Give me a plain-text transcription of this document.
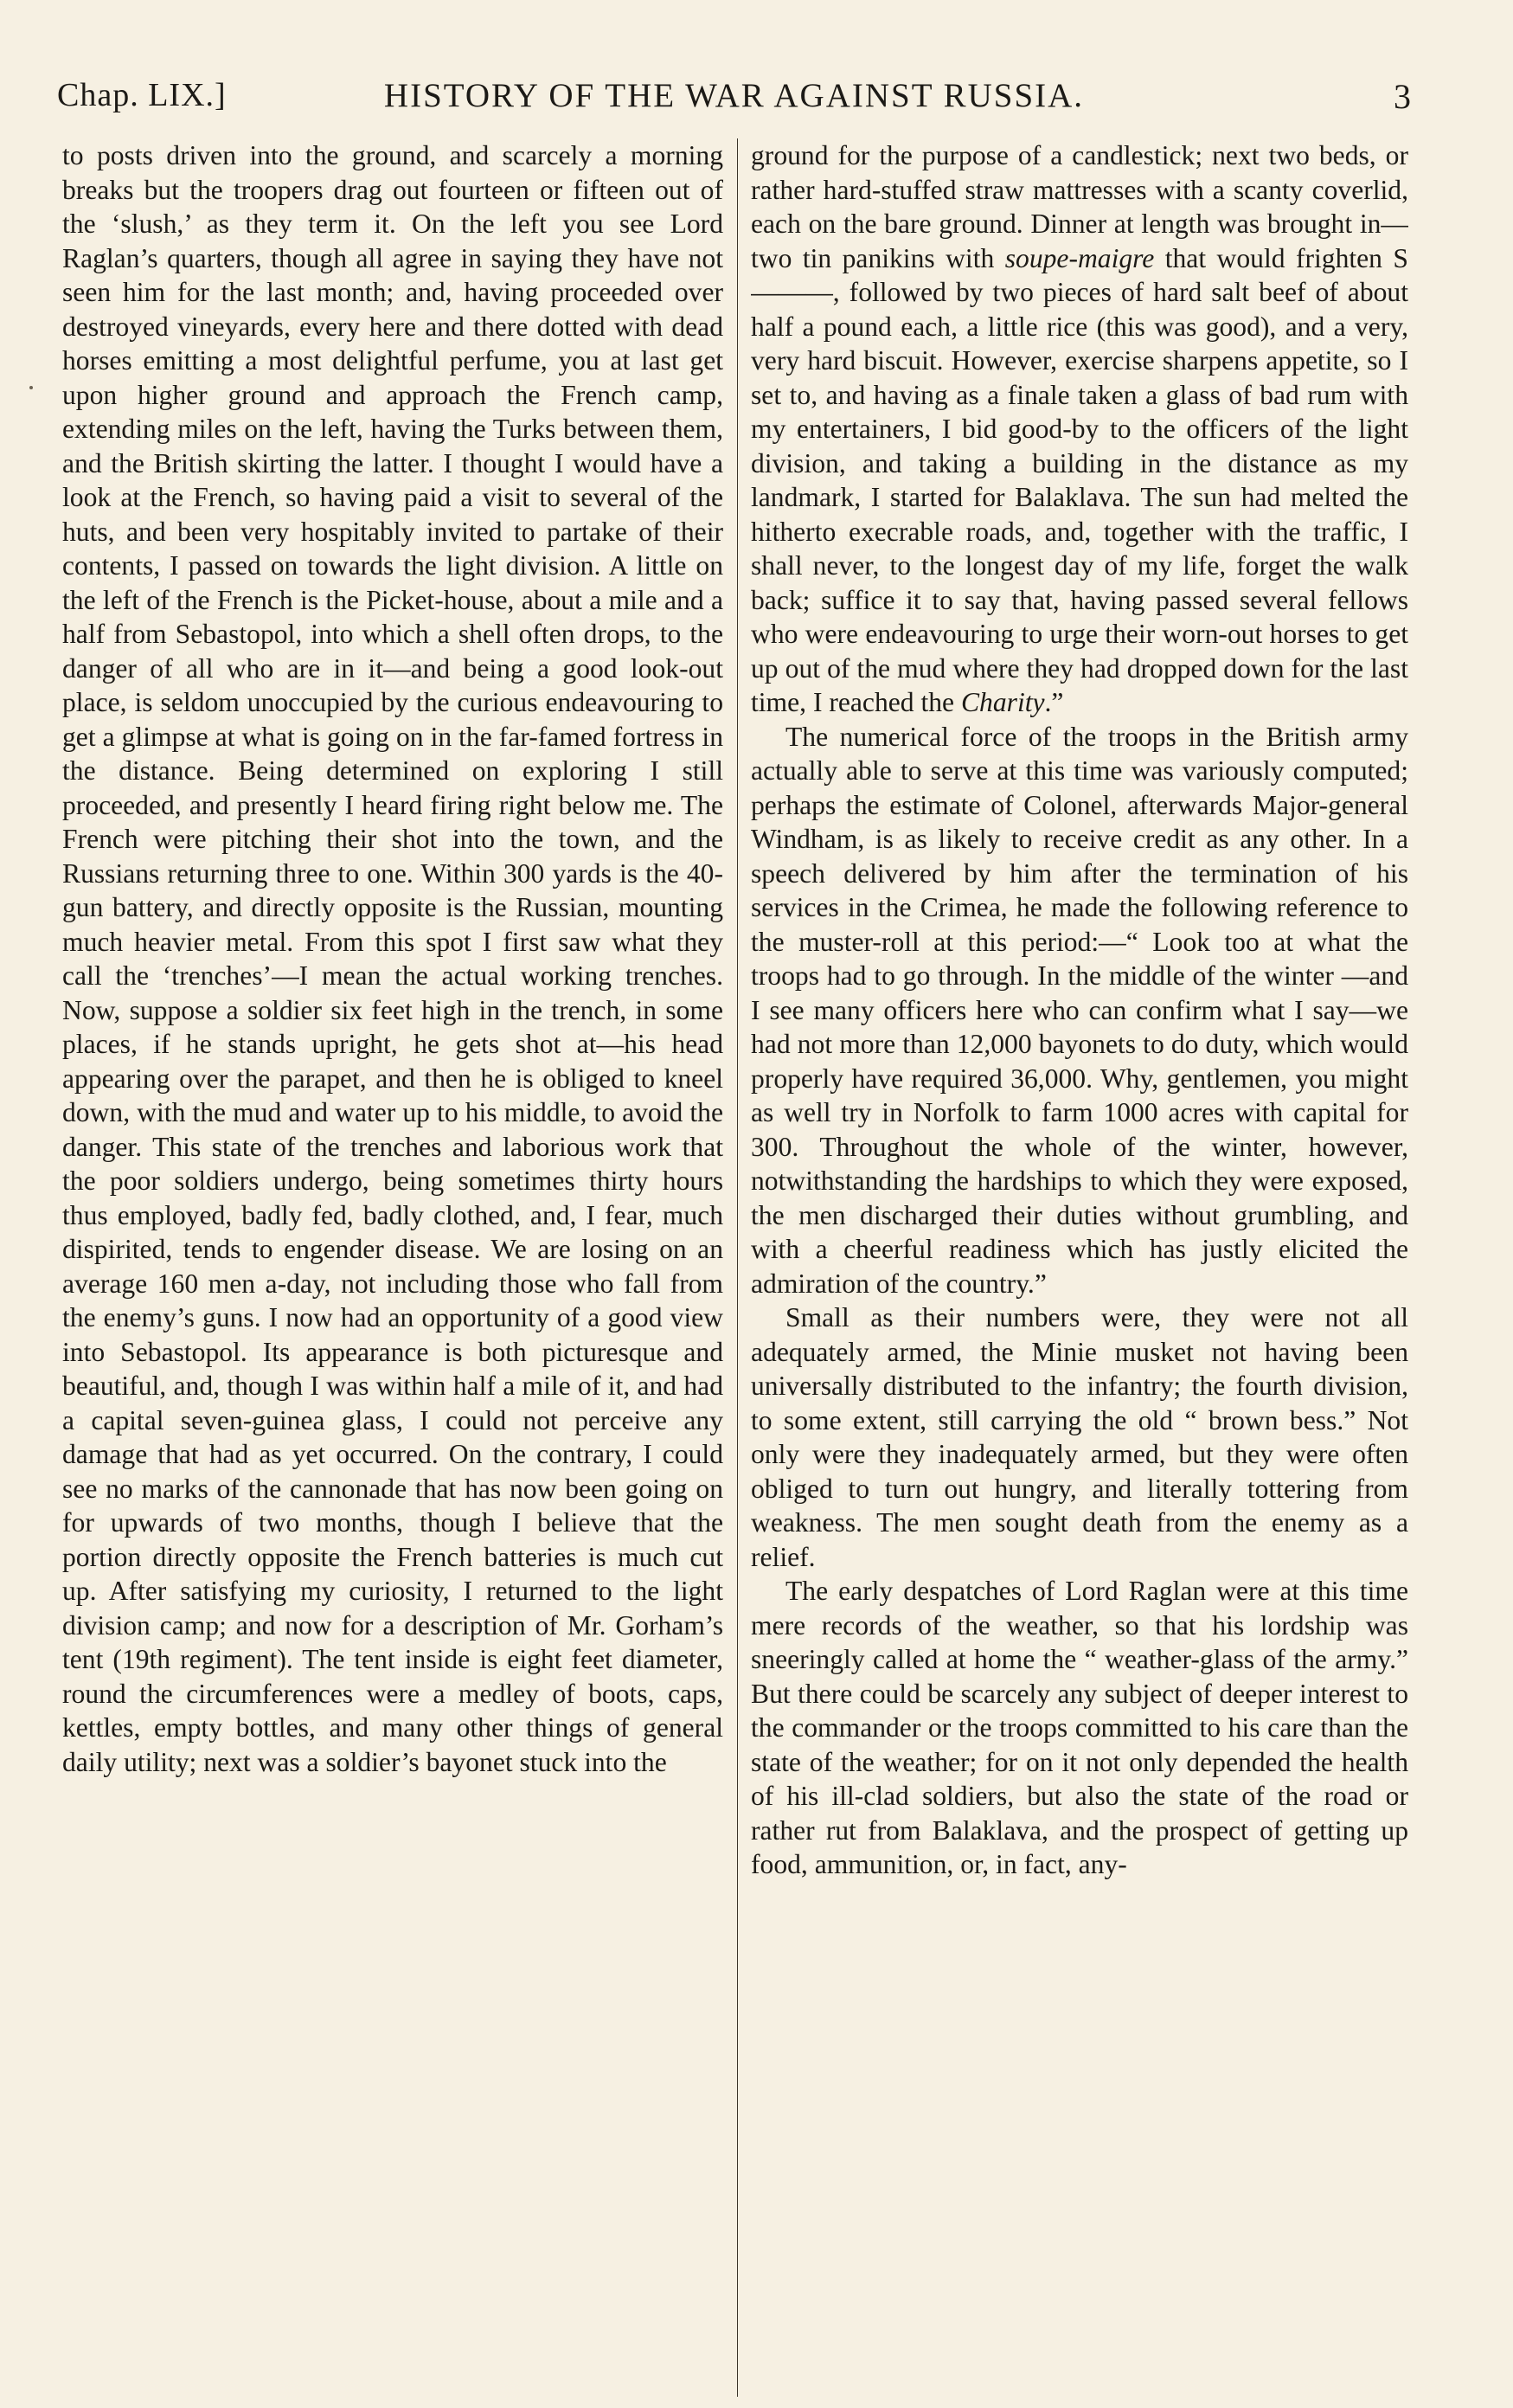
Chap. LIX.]	HISTORY OF THE WAR AGAINST RUSSIA.	3

to posts driven into the ground, and scarcely a morning breaks but the troopers drag out fourteen or fifteen out of the ‘slush,’ as they term it. On the left you see Lord Raglan’s quarters, though all agree in saying they have not seen him for the last month; and, having proceeded over destroyed vineyards, every here and there dotted with dead horses emitting a most delightful perfume, you at last get upon higher ground and approach the French camp, extending miles on the left, having the Turks between them, and the British skirting the latter. I thought I would have a look at the French, so having paid a visit to several of the huts, and been very hospitably invited to partake of their contents, I passed on towards the light division. A little on the left of the French is the Picket-house, about a mile and a half from Sebastopol, into which a shell often drops, to the danger of all who are in it—and being a good look-out place, is seldom unoccupied by the curious endeavouring to get a glimpse at what is going on in the far-famed fortress in the distance. Being determined on exploring I still proceeded, and presently I heard firing right below me. The French were pitching their shot into the town, and the Russians returning three to one. Within 300 yards is the 40-gun battery, and directly opposite is the Russian, mounting much heavier metal. From this spot I first saw what they call the ‘trenches’—I mean the actual working trenches. Now, suppose a soldier six feet high in the trench, in some places, if he stands upright, he gets shot at—his head appearing over the parapet, and then he is obliged to kneel down, with the mud and water up to his middle, to avoid the danger. This state of the trenches and laborious work that the poor soldiers undergo, being sometimes thirty hours thus employed, badly fed, badly clothed, and, I fear, much dispirited, tends to engender disease. We are losing on an average 160 men a-day, not including those who fall from the enemy’s guns. I now had an opportunity of a good view into Sebastopol. Its appearance is both picturesque and beautiful, and, though I was within half a mile of it, and had a capital seven-guinea glass, I could not perceive any damage that had as yet occurred. On the contrary, I could see no marks of the cannonade that has now been going on for upwards of two months, though I believe that the portion directly opposite the French batteries is much cut up. After satisfying my curiosity, I returned to the light division camp; and now for a description of Mr. Gorham’s tent (19th regiment). The tent inside is eight feet diameter, round the circumferences were a medley of boots, caps, kettles, empty bottles, and many other things of general daily utility; next was a soldier’s bayonet stuck into the

ground for the purpose of a candlestick; next two beds, or rather hard-stuffed straw mattresses with a scanty coverlid, each on the bare ground. Dinner at length was brought in—two tin panikins with soupe-maigre that would frighten S———, followed by two pieces of hard salt beef of about half a pound each, a little rice (this was good), and a very, very hard biscuit. However, exercise sharpens appetite, so I set to, and having as a finale taken a glass of bad rum with my entertainers, I bid good-by to the officers of the light division, and taking a building in the distance as my landmark, I started for Balaklava. The sun had melted the hitherto execrable roads, and, together with the traffic, I shall never, to the longest day of my life, forget the walk back; suffice it to say that, having passed several fellows who were endeavouring to urge their worn-out horses to get up out of the mud where they had dropped down for the last time, I reached the Charity.”

The numerical force of the troops in the British army actually able to serve at this time was variously computed; perhaps the estimate of Colonel, afterwards Major-general Windham, is as likely to receive credit as any other. In a speech delivered by him after the termination of his services in the Crimea, he made the following reference to the muster-roll at this period:—“ Look too at what the troops had to go through. In the middle of the winter —and I see many officers here who can confirm what I say—we had not more than 12,000 bayonets to do duty, which would properly have required 36,000. Why, gentlemen, you might as well try in Norfolk to farm 1000 acres with capital for 300. Throughout the whole of the winter, however, notwithstanding the hardships to which they were exposed, the men discharged their duties without grumbling, and with a cheerful readiness which has justly elicited the admiration of the country.”

Small as their numbers were, they were not all adequately armed, the Minie musket not having been universally distributed to the infantry; the fourth division, to some extent, still carrying the old “ brown bess.” Not only were they inadequately armed, but they were often obliged to turn out hungry, and literally tottering from weakness. The men sought death from the enemy as a relief.

The early despatches of Lord Raglan were at this time mere records of the weather, so that his lordship was sneeringly called at home the “ weather-glass of the army.” But there could be scarcely any subject of deeper interest to the commander or the troops committed to his care than the state of the weather; for on it not only depended the health of his ill-clad soldiers, but also the state of the road or rather rut from Balaklava, and the prospect of getting up food, ammunition, or, in fact, any-
